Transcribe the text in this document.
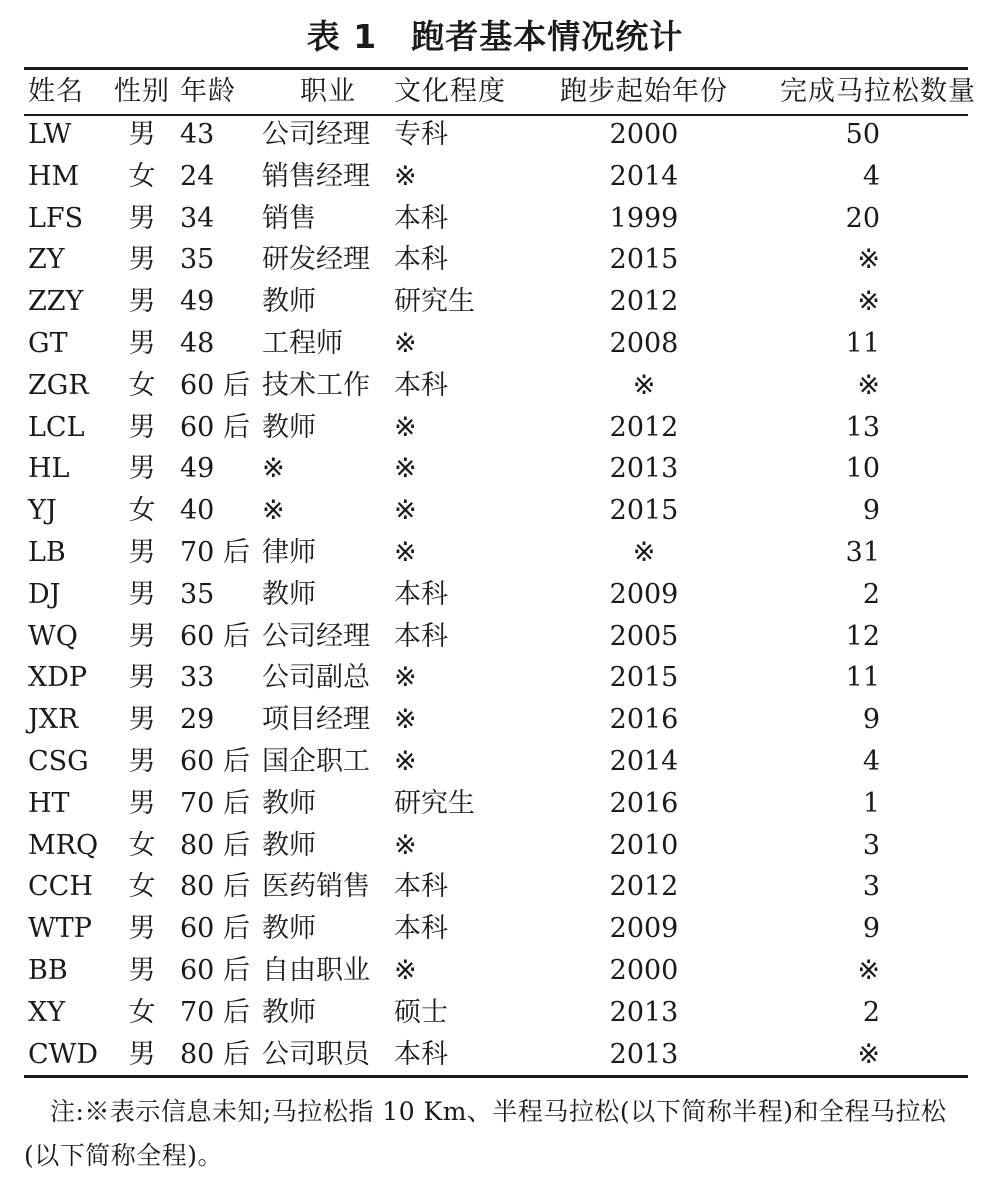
表 1 跑者基本情况统计
姓名	性别	年龄	职业	文化程度	跑步起始年份	完成马拉松数量
LW	男	43	公司经理	专科	2000	50
HM	女	24	销售经理	※	2014	4
LFS	男	34	销售	本科	1999	20
ZY	男	35	研发经理	本科	2015	※
ZZY	男	49	教师	研究生	2012	※
GT	男	48	工程师	※	2008	11
ZGR	女	60 后	技术工作	本科	※	※
LCL	男	60 后	教师	※	2012	13
HL	男	49	※	※	2013	10
YJ	女	40	※	※	2015	9
LB	男	70 后	律师	※	※	31
DJ	男	35	教师	本科	2009	2
WQ	男	60 后	公司经理	本科	2005	12
XDP	男	33	公司副总	※	2015	11
JXR	男	29	项目经理	※	2016	9
CSG	男	60 后	国企职工	※	2014	4
HT	男	70 后	教师	研究生	2016	1
MRQ	女	80 后	教师	※	2010	3
CCH	女	80 后	医药销售	本科	2012	3
WTP	男	60 后	教师	本科	2009	9
BB	男	60 后	自由职业	※	2000	※
XY	女	70 后	教师	硕士	2013	2
CWD	男	80 后	公司职员	本科	2013	※
注:※表示信息未知;马拉松指 10 Km、半程马拉松(以下简称半程)和全程马拉松(以下简称全程)。
